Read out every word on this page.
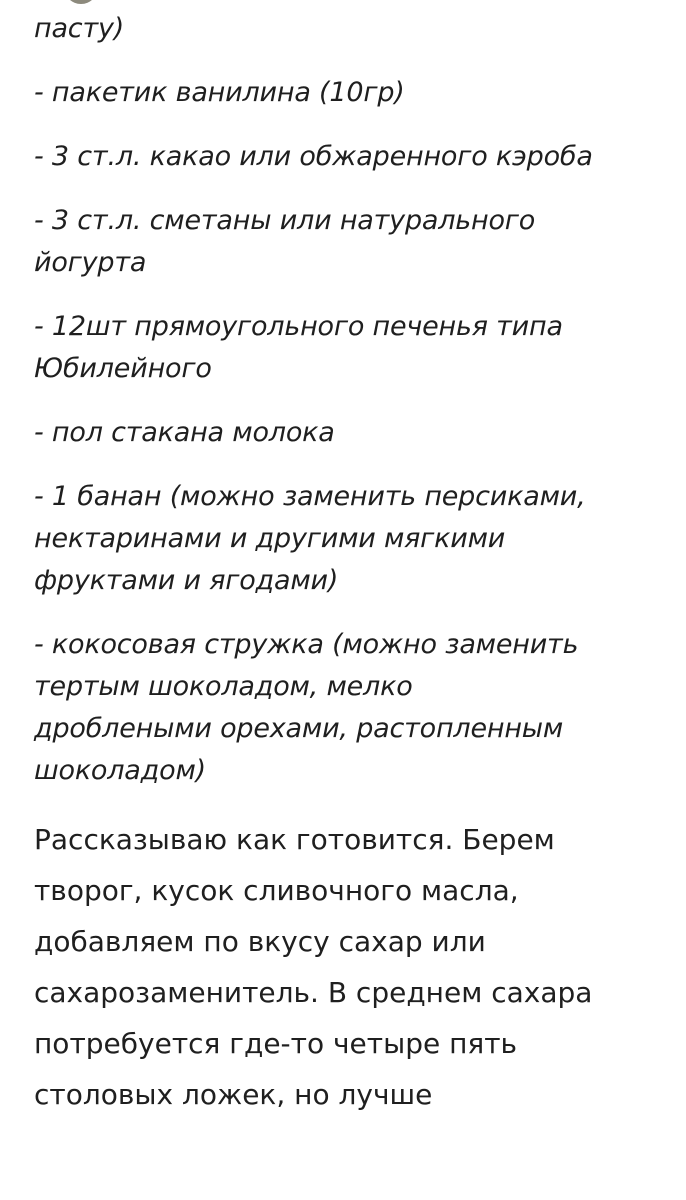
пасту)
- пакетик ванилина (10гр)
- 3 ст.л. какао или обжаренного кэроба
- 3 ст.л. сметаны или натурального
йогурта
- 12шт прямоугольного печенья типа
Юбилейного
- пол стакана молока
- 1 банан (можно заменить персиками,
нектаринами и другими мягкими
фруктами и ягодами)
- кокосовая стружка (можно заменить
тертым шоколадом, мелко
дроблеными орехами, растопленным
шоколадом)

Рассказываю как готовится. Берем
творог, кусок сливочного масла,
добавляем по вкусу сахар или
сахарозаменитель. В среднем сахара
потребуется где-то четыре пять
столовых ложек, но лучше
